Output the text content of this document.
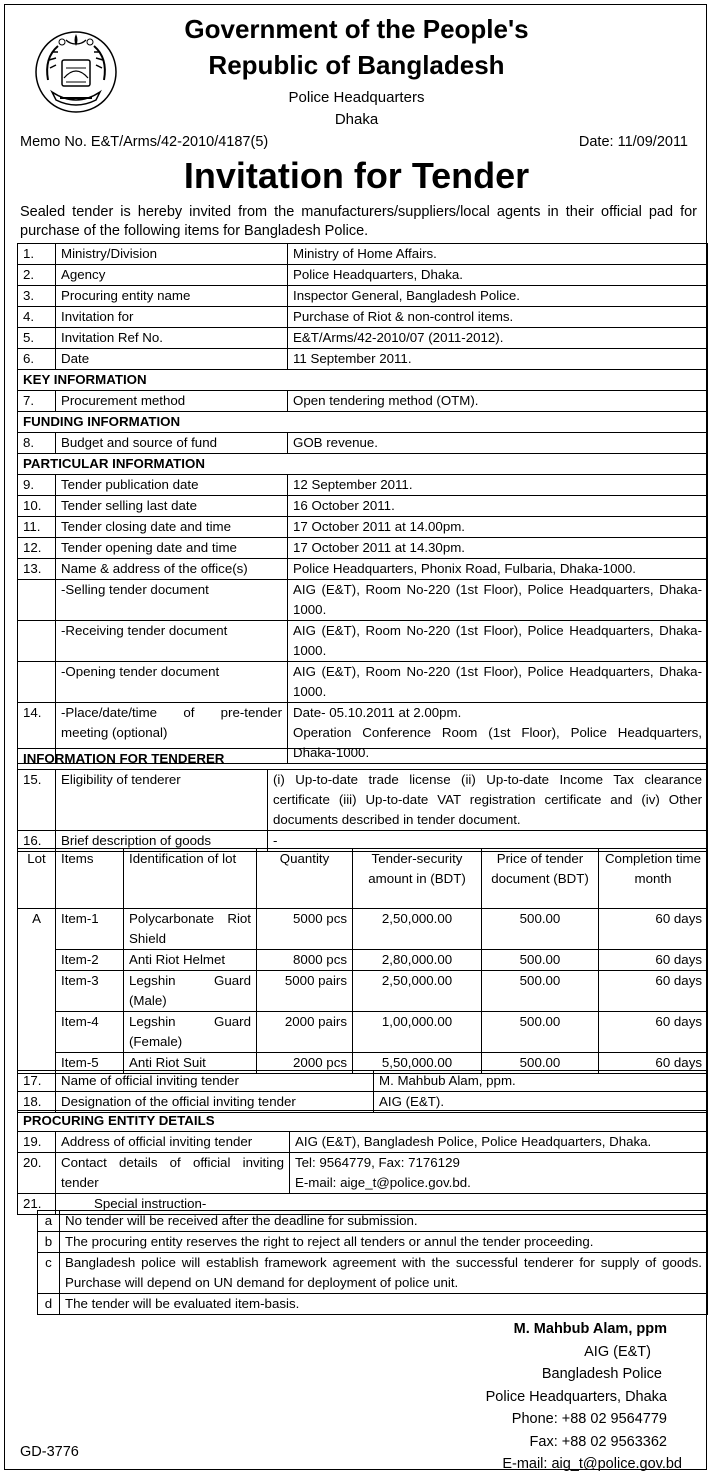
Government of the People's
Republic of Bangladesh
Police Headquarters
Dhaka
Memo No. E&T/Arms/42-2010/4187(5)	Date: 11/09/2011
Invitation for Tender
Sealed tender is hereby invited from the manufacturers/suppliers/local agents in their official pad for purchase of the following items for Bangladesh Police.
1.	Ministry/Division	Ministry of Home Affairs.
2.	Agency	Police Headquarters, Dhaka.
3.	Procuring entity name	Inspector General, Bangladesh Police.
4.	Invitation for	Purchase of Riot & non-control items.
5.	Invitation Ref No.	E&T/Arms/42-2010/07 (2011-2012).
6.	Date	11 September 2011.
KEY INFORMATION		
7.	Procurement method	Open tendering method (OTM).
FUNDING INFORMATION		
8.	Budget and source of fund	GOB revenue.
PARTICULAR INFORMATION		
9.	Tender publication date	12 September 2011.
10.	Tender selling last date	16 October 2011.
11.	Tender closing date and time	17 October 2011 at 14.00pm.
12.	Tender opening date and time	17 October 2011 at 14.30pm.
13.	Name & address of the office(s)	Police Headquarters, Phonix Road, Fulbaria, Dhaka-1000.
	-Selling tender document	AIG (E&T), Room No-220 (1st Floor), Police Headquarters, Dhaka-1000.
	-Receiving tender document	AIG (E&T), Room No-220 (1st Floor), Police Headquarters, Dhaka-1000.
	-Opening tender document	AIG (E&T), Room No-220 (1st Floor), Police Headquarters, Dhaka-1000.
14.	-Place/date/time of pre-tender meeting (optional)	Date- 05.10.2011 at 2.00pm.
Operation Conference Room (1st Floor), Police Headquarters, Dhaka-1000.
INFORMATION FOR TENDERER		
15.	Eligibility of tenderer	(i) Up-to-date trade license (ii) Up-to-date Income Tax clearance certificate (iii) Up-to-date VAT registration certificate and (iv) Other documents described in tender document.
16.	Brief description of goods	-
Lot	Items	Identification of lot	Quantity	Tender-security amount in (BDT)	Price of tender document (BDT)	Completion time month
A	Item-1	Polycarbonate Riot Shield	5000 pcs	2,50,000.00	500.00	60 days
	Item-2	Anti Riot Helmet	8000 pcs	2,80,000.00	500.00	60 days
	Item-3	Legshin Guard (Male)	5000 pairs	2,50,000.00	500.00	60 days
	Item-4	Legshin Guard (Female)	2000 pairs	1,00,000.00	500.00	60 days
	Item-5	Anti Riot Suit	2000 pcs	5,50,000.00	500.00	60 days
17.	Name of official inviting tender	M. Mahbub Alam, ppm.
18.	Designation of the official inviting tender	AIG (E&T).
PROCURING ENTITY DETAILS		
19.	Address of official inviting tender	AIG (E&T), Bangladesh Police, Police Headquarters, Dhaka.
20.	Contact details of official inviting tender	Tel: 9564779, Fax: 7176129
E-mail: aige_t@police.gov.bd.

21.	Special instruction-	
a	No tender will be received after the deadline for submission.
b	The procuring entity reserves the right to reject all tenders or annul the tender proceeding.
c	Bangladesh police will establish framework agreement with the successful tenderer for supply of goods. Purchase will depend on UN demand for deployment of police unit.
d	The tender will be evaluated item-basis.
M. Mahbub Alam, ppm
AIG (E&T)
Bangladesh Police
Police Headquarters, Dhaka
Phone: +88 02 9564779
Fax: +88 02 9563362
E-mail: aig_t@police.gov.bd
GD-3776
